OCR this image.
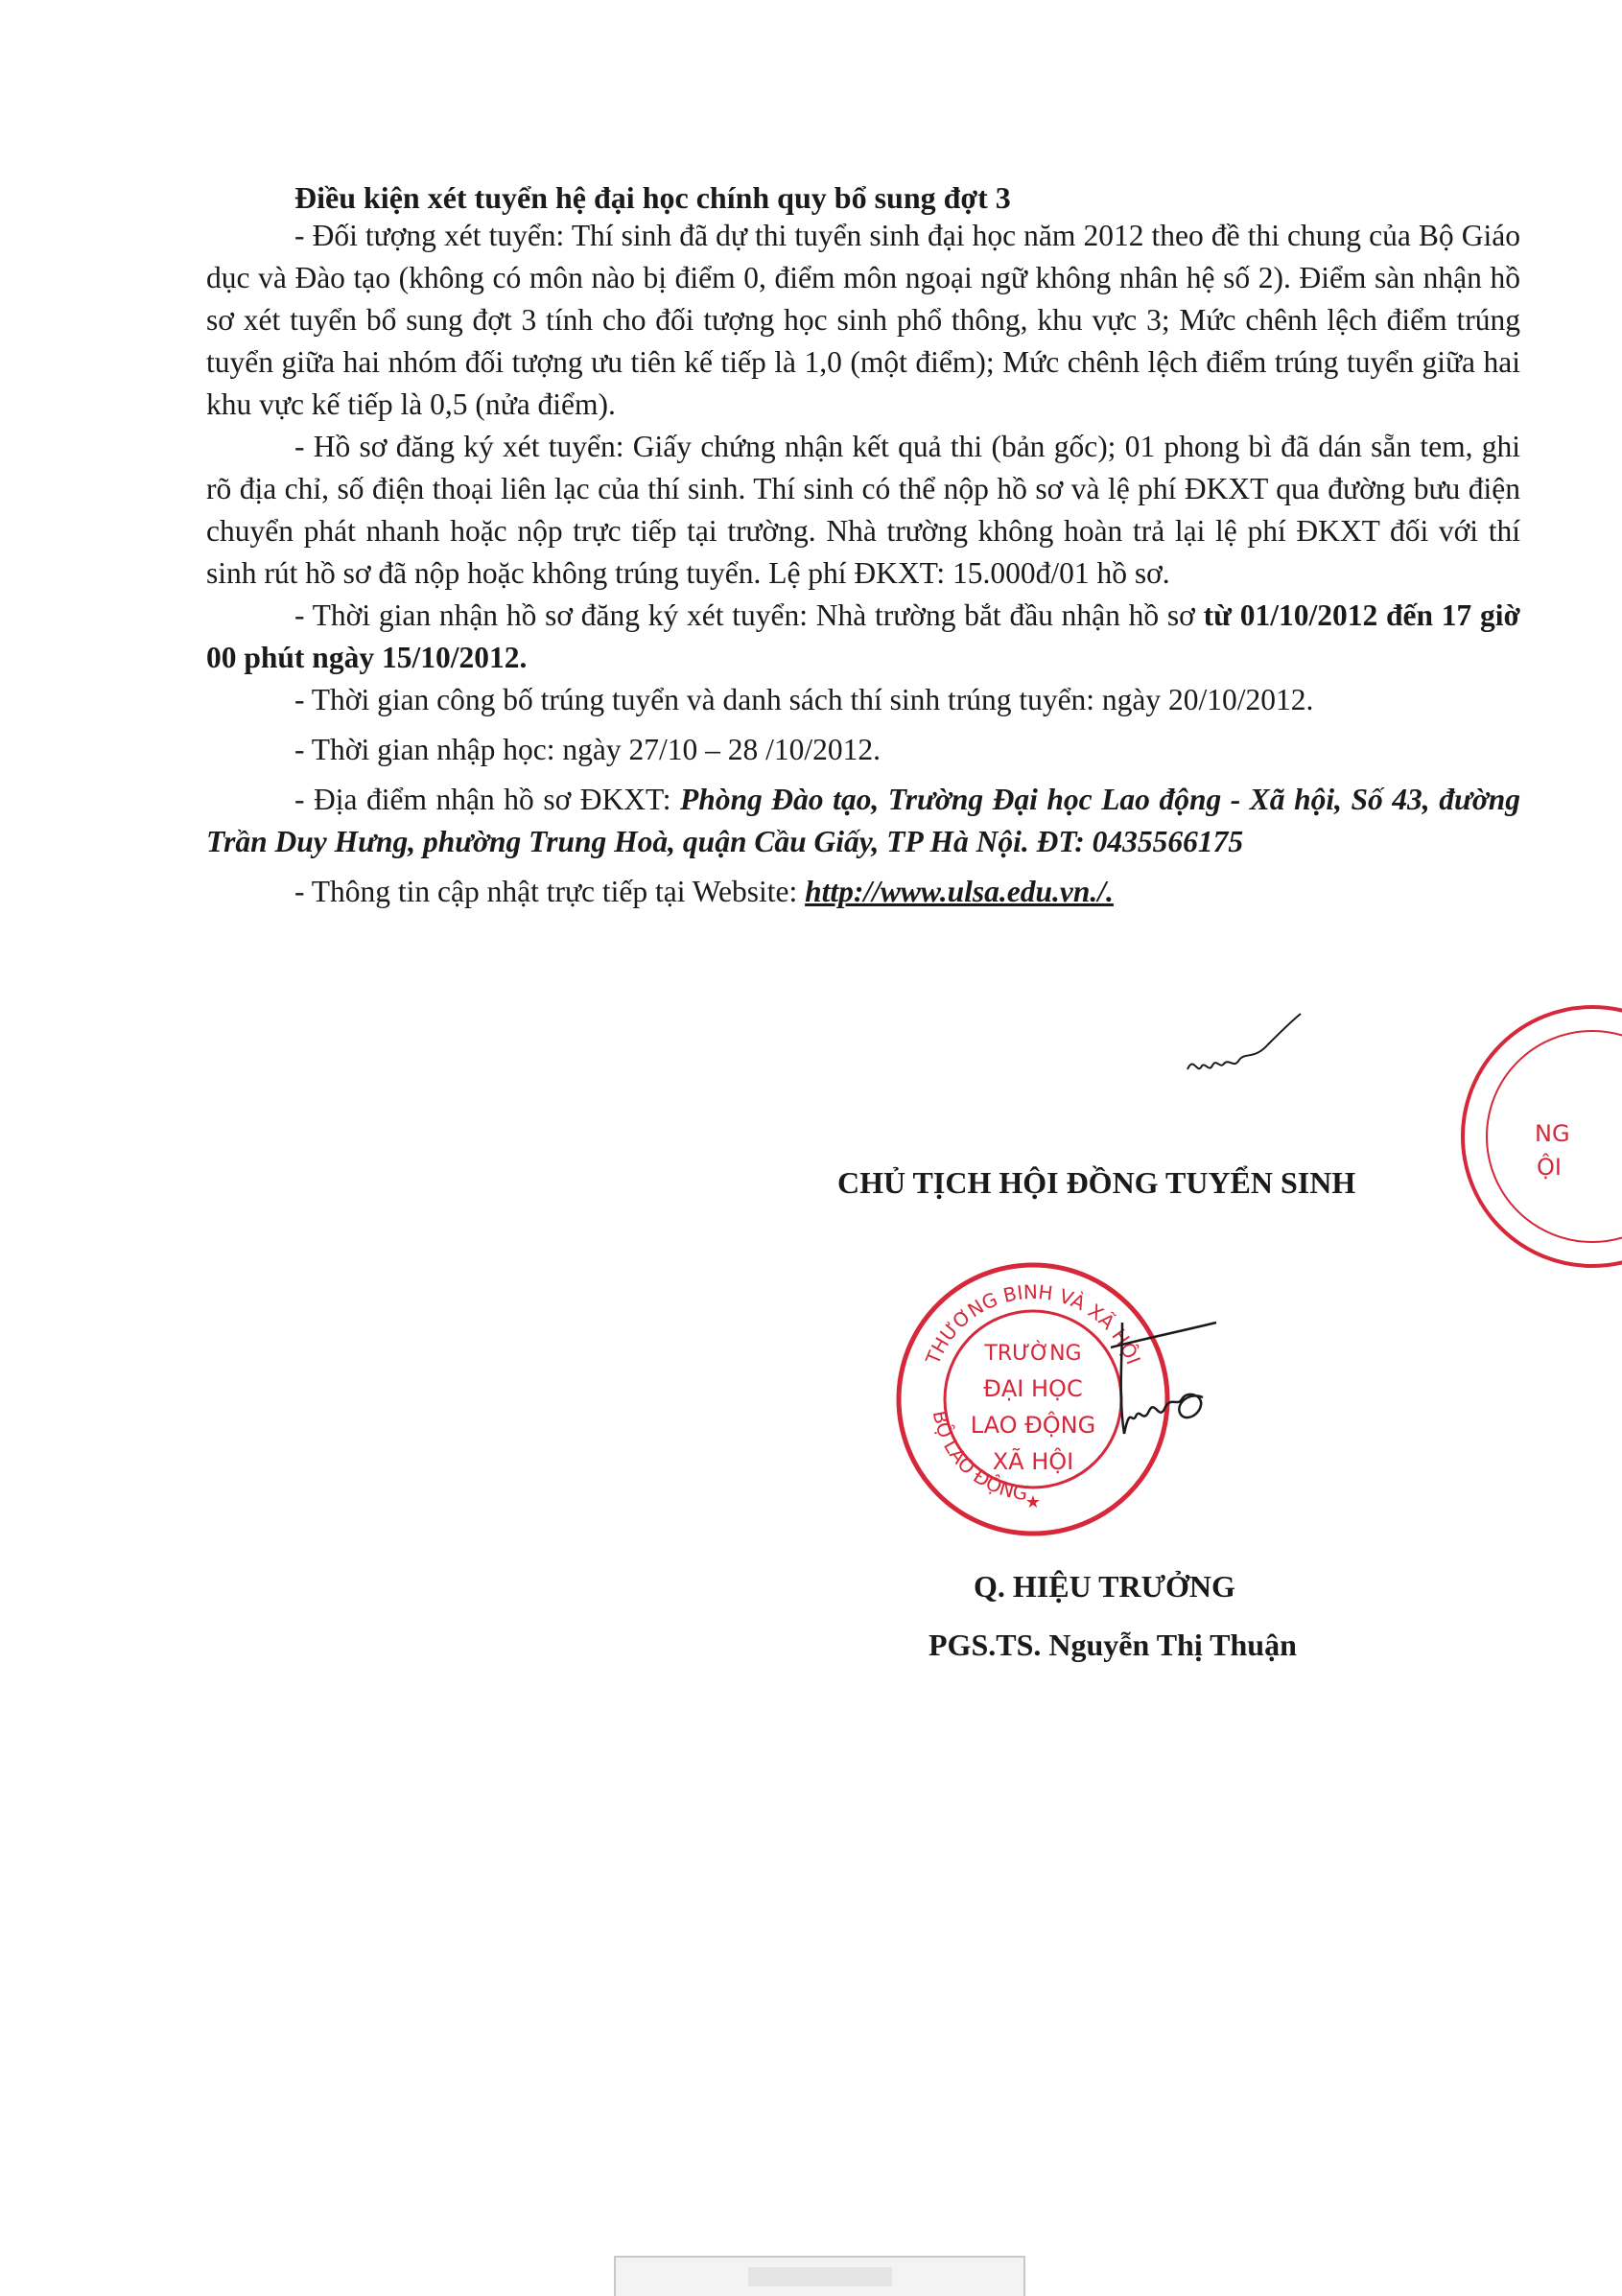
Điều kiện xét tuyển hệ đại học chính quy bổ sung đợt 3

- Đối tượng xét tuyển: Thí sinh đã dự thi tuyển sinh đại học năm 2012 theo đề thi chung của Bộ Giáo dục và Đào tạo (không có môn nào bị điểm 0, điểm môn ngoại ngữ không nhân hệ số 2). Điểm sàn nhận hồ sơ xét tuyển bổ sung đợt 3 tính cho đối tượng học sinh phổ thông, khu vực 3; Mức chênh lệch điểm trúng tuyển giữa hai nhóm đối tượng ưu tiên kế tiếp là 1,0 (một điểm); Mức chênh lệch điểm trúng tuyển giữa hai khu vực kế tiếp là 0,5 (nửa điểm).

- Hồ sơ đăng ký xét tuyển: Giấy chứng nhận kết quả thi (bản gốc); 01 phong bì đã dán sẵn tem, ghi rõ địa chỉ, số điện thoại liên lạc của thí sinh. Thí sinh có thể nộp hồ sơ và lệ phí ĐKXT qua đường bưu điện chuyển phát nhanh hoặc nộp trực tiếp tại trường. Nhà trường không hoàn trả lại lệ phí ĐKXT đối với thí sinh rút hồ sơ đã nộp hoặc không trúng tuyển. Lệ phí ĐKXT: 15.000đ/01 hồ sơ.

- Thời gian nhận hồ sơ đăng ký xét tuyển: Nhà trường bắt đầu nhận hồ sơ từ 01/10/2012 đến 17 giờ 00 phút ngày 15/10/2012.

- Thời gian công bố trúng tuyển và danh sách thí sinh trúng tuyển: ngày 20/10/2012.

- Thời gian nhập học: ngày 27/10 – 28 /10/2012.

- Địa điểm nhận hồ sơ ĐKXT: Phòng Đào tạo, Trường Đại học Lao động - Xã hội, Số 43, đường Trần Duy Hưng, phường Trung Hoà, quận Cầu Giấy, TP Hà Nội. ĐT: 0435566175

- Thông tin cập nhật trực tiếp tại Website: http://www.ulsa.edu.vn./.

CHỦ TỊCH HỘI ĐỒNG TUYỂN SINH
NG
ỘI
THƯƠNG BINH VÀ XÃ HỘI
BỘ LAO ĐỘNG
TRƯỜNG
ĐẠI HỌC
LAO ĐỘNG
XÃ HỘI
★
Q. HIỆU TRƯỞNG
PGS.TS. Nguyễn Thị Thuận
